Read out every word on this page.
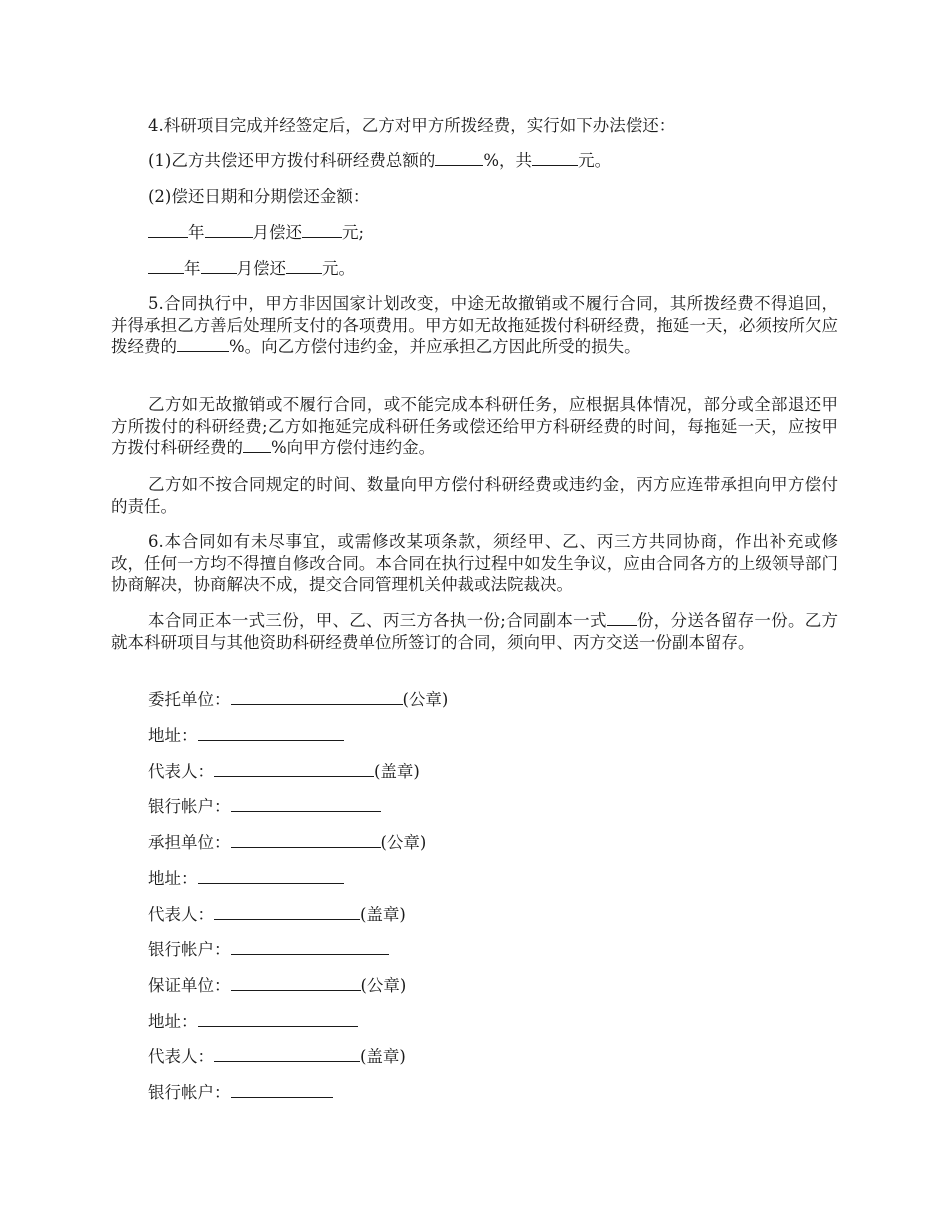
4.科研项目完成并经签定后，乙方对甲方所拨经费，实行如下办法偿还：

(1)乙方共偿还甲方拨付科研经费总额的	%，共	元。

(2)偿还日期和分期偿还金额：

年	月偿还 元;

年 月偿还 元。

5.合同执行中，甲方非因国家计划改变，中途无故撤销或不履行合同，其所拨经费不得追回，并得承担乙方善后处理所支付的各项费用。甲方如无故拖延拨付科研经费，拖延一天，必须按所欠应拨经费的	%。向乙方偿付违约金，并应承担乙方因此所受的损失。

乙方如无故撤销或不履行合同，或不能完成本科研任务，应根据具体情况，部分或全部退还甲方所拨付的科研经费;乙方如拖延完成科研任务或偿还给甲方科研经费的时间，每拖延一天，应按甲方拨付科研经费的 %向甲方偿付违约金。

乙方如不按合同规定的时间、数量向甲方偿付科研经费或违约金，丙方应连带承担向甲方偿付的责任。

6.本合同如有未尽事宜，或需修改某项条款，须经甲、乙、丙三方共同协商，作出补充或修改，任何一方均不得擅自修改合同。本合同在执行过程中如发生争议，应由合同各方的上级领导部门协商解决，协商解决不成，提交合同管理机关仲裁或法院裁决。

本合同正本一式三份，甲、乙、丙三方各执一份;合同副本一式 份，分送各留存一份。乙方就本科研项目与其他资助科研经费单位所签订的合同，须向甲、丙方交送一份副本留存。

委托单位：	(公章)

地址：

代表人：	(盖章)

银行帐户：

承担单位：	(公章)

地址：

代表人：	(盖章)

银行帐户：

保证单位：	(公章)

地址：

代表人：	(盖章)

银行帐户：
